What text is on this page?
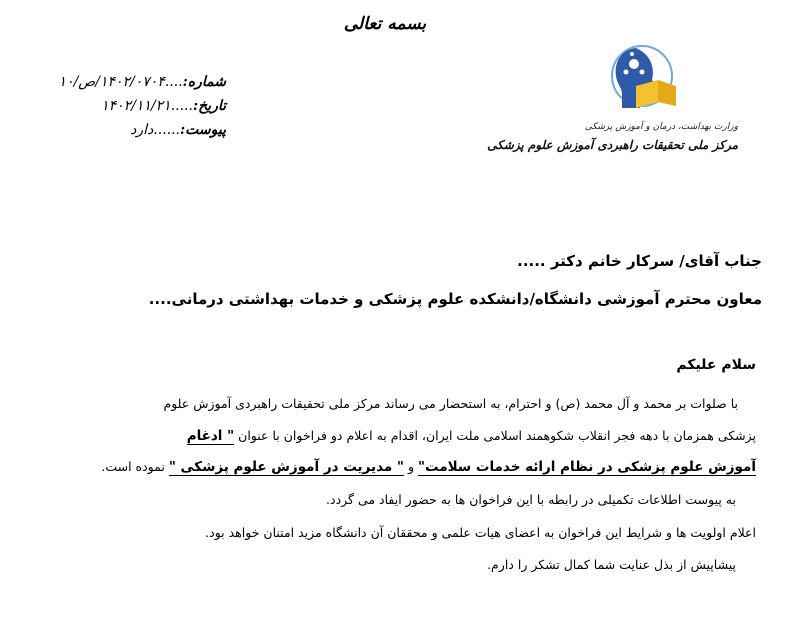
بسمه تعالی
شماره:....۱۴۰۲/۰۷۰۴/ص/۱۰
تاریخ:.....۱۴۰۲/۱۱/۲۱
پیوست:......دارد	وزارت بهداشت، درمان و آموزش پزشکی
مرکز ملی تحقیقات راهبردی آموزش علوم پزشکی
جناب آقای/ سرکار خانم دکتر .....
معاون محترم آموزشی دانشگاه/دانشکده علوم پزشکی و خدمات بهداشتی درمانی....
سلام علیکم
با صلوات بر محمد و آل محمد (ص) و احترام، به استحضار می رساند مرکز ملی تحقیقات راهبردی آموزش علوم
پزشکی همزمان با دهه فجر انقلاب شکوهمند اسلامی ملت ایران، اقدام به اعلام دو فراخوان با عنوان " ادغام
آموزش علوم پزشکی در نظام ارائه خدمات سلامت" و " مدیریت در آموزش علوم پزشکی " نموده است.
به پیوست اطلاعات تکمیلی در رابطه با این فراخوان ها به حضور ایفاد می گردد.
اعلام اولویت ها و شرایط این فراخوان به اعضای هیات علمی و محققان آن دانشگاه مزید امتنان خواهد بود.
پیشاپیش از بذل عنایت شما کمال تشکر را دارم.
